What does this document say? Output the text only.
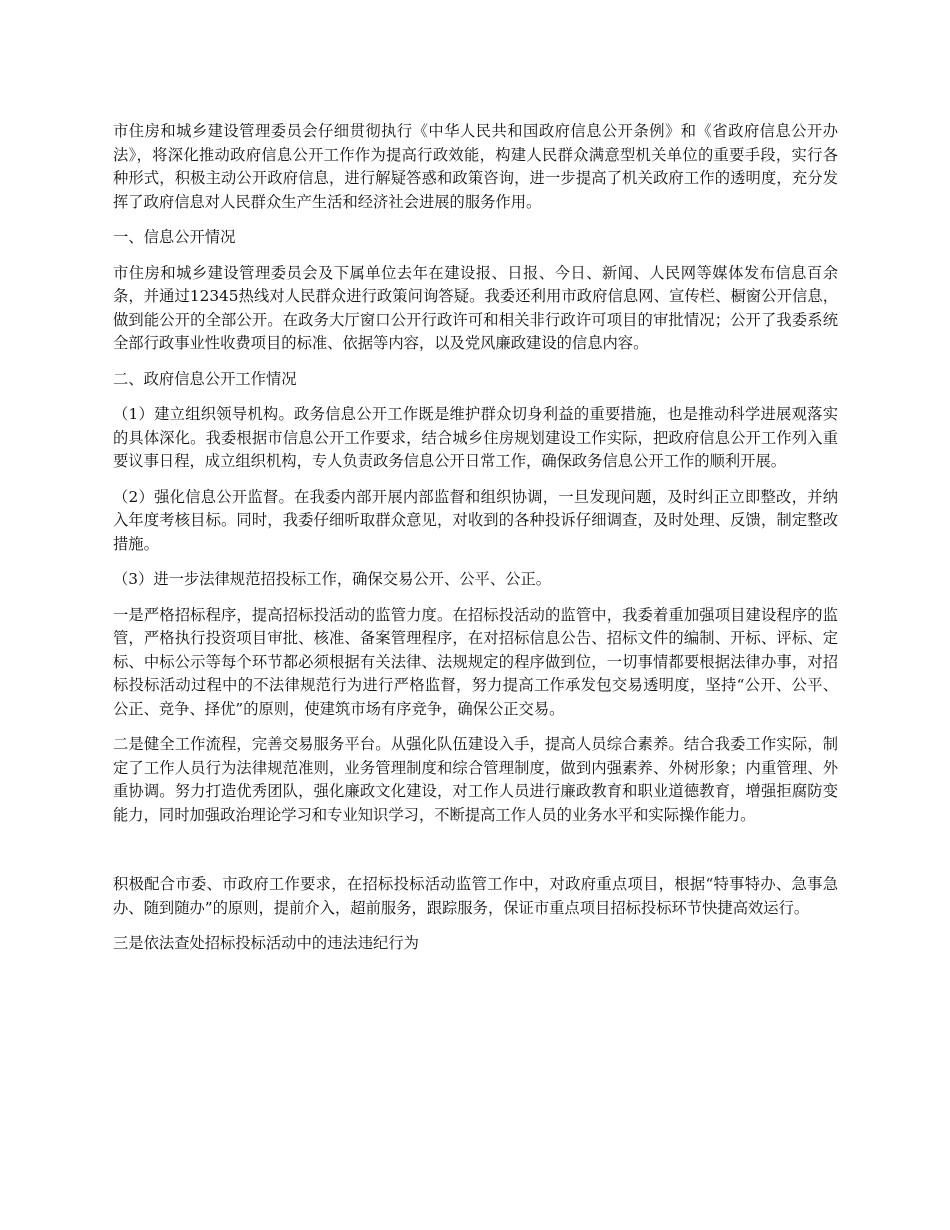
市住房和城乡建设管理委员会仔细贯彻执行《中华人民共和国政府信息公开条例》和《省政府信息公开办法》，将深化推动政府信息公开工作作为提高行政效能，构建人民群众满意型机关单位的重要手段，实行各种形式，积极主动公开政府信息，进行解疑答惑和政策咨询，进一步提高了机关政府工作的透明度，充分发挥了政府信息对人民群众生产生活和经济社会进展的服务作用。

一、信息公开情况

市住房和城乡建设管理委员会及下属单位去年在建设报、日报、今日、新闻、人民网等媒体发布信息百余条，并通过12345热线对人民群众进行政策问询答疑。我委还利用市政府信息网、宣传栏、橱窗公开信息，做到能公开的全部公开。在政务大厅窗口公开行政许可和相关非行政许可项目的审批情况；公开了我委系统全部行政事业性收费项目的标准、依据等内容，以及党风廉政建设的信息内容。

二、政府信息公开工作情况

（1）建立组织领导机构。政务信息公开工作既是维护群众切身利益的重要措施，也是推动科学进展观落实的具体深化。我委根据市信息公开工作要求，结合城乡住房规划建设工作实际，把政府信息公开工作列入重要议事日程，成立组织机构，专人负责政务信息公开日常工作，确保政务信息公开工作的顺利开展。

（2）强化信息公开监督。在我委内部开展内部监督和组织协调，一旦发现问题，及时纠正立即整改，并纳入年度考核目标。同时，我委仔细听取群众意见，对收到的各种投诉仔细调查，及时处理、反馈，制定整改措施。

（3）进一步法律规范招投标工作，确保交易公开、公平、公正。

一是严格招标程序，提高招标投活动的监管力度。在招标投活动的监管中，我委着重加强项目建设程序的监管，严格执行投资项目审批、核准、备案管理程序，在对招标信息公告、招标文件的编制、开标、评标、定标、中标公示等每个环节都必须根据有关法律、法规规定的程序做到位，一切事情都要根据法律办事，对招标投标活动过程中的不法律规范行为进行严格监督，努力提高工作承发包交易透明度，坚持“公开、公平、公正、竞争、择优”的原则，使建筑市场有序竞争，确保公正交易。

二是健全工作流程，完善交易服务平台。从强化队伍建设入手，提高人员综合素养。结合我委工作实际，制定了工作人员行为法律规范准则，业务管理制度和综合管理制度，做到内强素养、外树形象；内重管理、外重协调。努力打造优秀团队，强化廉政文化建设，对工作人员进行廉政教育和职业道德教育，增强拒腐防变能力，同时加强政治理论学习和专业知识学习，不断提高工作人员的业务水平和实际操作能力。

积极配合市委、市政府工作要求，在招标投标活动监管工作中，对政府重点项目，根据“特事特办、急事急办、随到随办”的原则，提前介入，超前服务，跟踪服务，保证市重点项目招标投标环节快捷高效运行。

三是依法查处招标投标活动中的违法违纪行为
